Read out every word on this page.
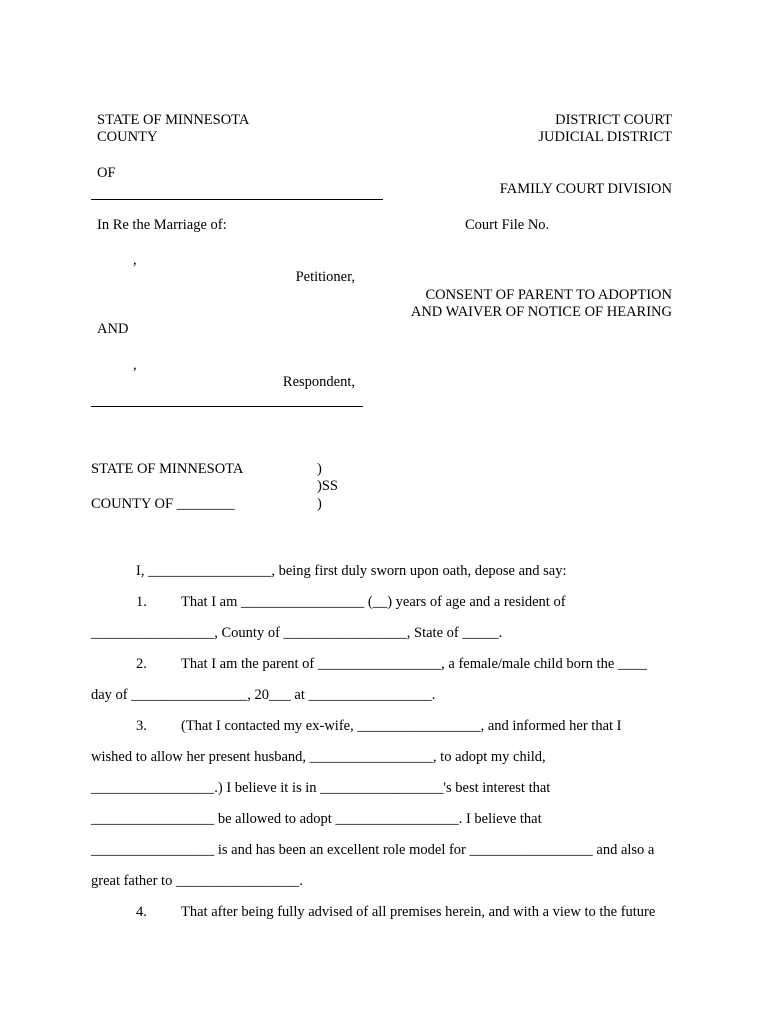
STATE OF MINNESOTA
COUNTY
DISTRICT COURT
JUDICIAL DISTRICT
OF
FAMILY COURT DIVISION
In Re the Marriage of:	Court File No.
,
Petitioner,
CONSENT OF PARENT TO ADOPTION
AND WAIVER OF NOTICE OF HEARING
AND
,
Respondent,
STATE OF MINNESOTA	)
)SS
COUNTY OF ________	)
I, _________________, being first duly sworn upon oath, depose and say:
1. That I am _________________ (__) years of age and a resident of
_________________, County of _________________, State of _____.
2. That I am the parent of _________________, a female/male child born the ____
day of ________________, 20___ at _________________.
3. (That I contacted my ex-wife, _________________, and informed her that I
wished to allow her present husband, _________________, to adopt my child,
_________________.) I believe it is in _________________'s best interest that
_________________ be allowed to adopt _________________. I believe that
_________________ is and has been an excellent role model for _________________ and also a
great father to _________________.
4. That after being fully advised of all premises herein, and with a view to the future
